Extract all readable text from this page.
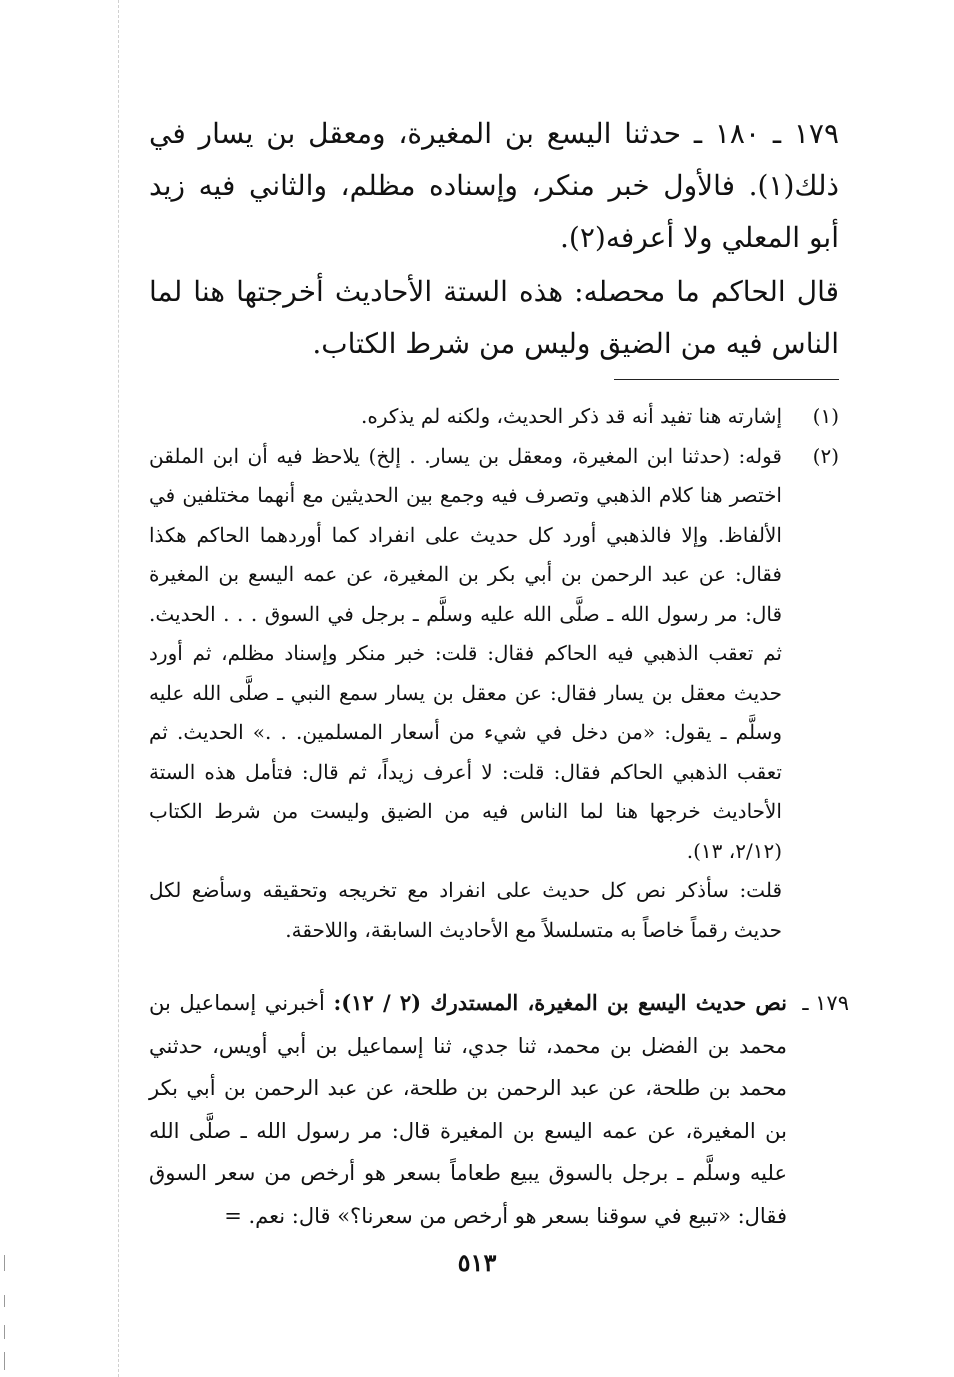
١٧٩ ـ ١٨٠ ـ حدثنا اليسع بن المغيرة، ومعقل بن يسار في ذلك(١). فالأول خبر منكر، وإسناده مظلم، والثاني فيه زيد أبو المعلي ولا أعرفه(٢).

قال الحاكم ما محصله: هذه الستة الأحاديث أخرجتها هنا لما الناس فيه من الضيق وليس من شرط الكتاب.

(١)
إشارته هنا تفيد أنه قد ذكر الحديث، ولكنه لم يذكره.

(٢)
قوله: (حدثنا ابن المغيرة، ومعقل بن يسار. . إلخ) يلاحظ فيه أن ابن الملقن اختصر هنا كلام الذهبي وتصرف فيه وجمع بين الحديثين مع أنهما مختلفين في الألفاظ. وإلا فالذهبي أورد كل حديث على انفراد كما أوردهما الحاكم هكذا فقال: عن عبد الرحمن بن أبي بكر بن المغيرة، عن عمه اليسع بن المغيرة قال: مر رسول الله ـ صلَّى الله عليه وسلَّم ـ برجل في السوق . . . الحديث. ثم تعقب الذهبي فيه الحاكم فقال: قلت: خبر منكر وإسناد مظلم، ثم أورد حديث معقل بن يسار فقال: عن معقل بن يسار سمع النبي ـ صلَّى الله عليه وسلَّم ـ يقول: «من دخل في شيء من أسعار المسلمين. . .» الحديث. ثم تعقب الذهبي الحاكم فقال: قلت: لا أعرف زيداً، ثم قال: فتأمل هذه الستة الأحاديث خرجها هنا لما الناس فيه من الضيق وليست من شرط الكتاب (٢/١٢، ١٣).

قلت: سأذكر نص كل حديث على انفراد مع تخريجه وتحقيقه وسأضع لكل حديث رقماً خاصاً به متسلسلاً مع الأحاديث السابقة، واللاحقة.

١٧٩ ـ
نص حديث اليسع بن المغيرة، المستدرك (٢ / ١٢): أخبرني إسماعيل بن محمد بن الفضل بن محمد، ثنا جدي، ثنا إسماعيل بن أبي أويس، حدثني محمد بن طلحة، عن عبد الرحمن بن طلحة، عن عبد الرحمن بن أبي بكر بن المغيرة، عن عمه اليسع بن المغيرة قال: مر رسول الله ـ صلَّى الله عليه وسلَّم ـ برجل بالسوق يبيع طعاماً بسعر هو أرخص من سعر السوق فقال: «تبيع في سوقنا بسعر هو أرخص من سعرنا؟» قال: نعم. =

٥١٣
